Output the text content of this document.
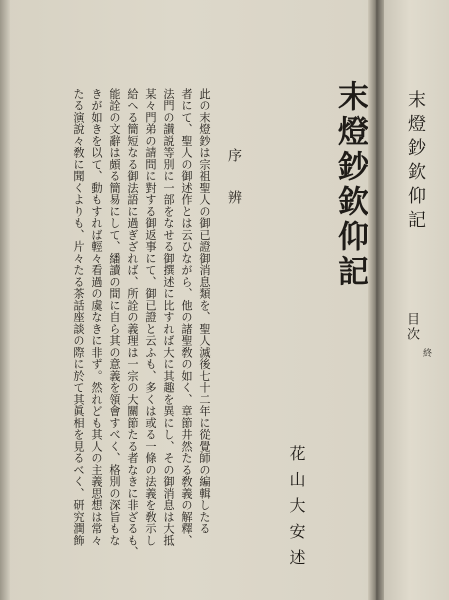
末燈鈔欽仰記
花山大安述
序辨
此の末燈鈔は宗祖聖人の御已證御消息類を、聖人滅後七十二年に從覺師の編輯したる
者にて、聖人の御述作とは云ひながら、他の諸聖敎の如く、章節井然たる敎義の解釋、
法門の讃説等別に一部をなせる御撰述に比すれば大に其趣を異にし、その御消息は大抵
某々門弟の請問に對する御返事にて、御已證と云ふも、多くは或る一條の法義を敎示し
給へる簡短なる御法語に過ぎざれば、所詮の義理は一宗の大關節たる者なきに非ざるも、
能詮の文辭は頗る簡易にして、繙讀の間に自ら其の意義を領會すべく、格別の深旨もな
きが如きを以て、動もすれば輕々看過の虞なきに非ず。然れども其人の主義思想は常々
たる演說々敎に聞くよりも、片々たる茶話座談の際に於て其眞相を見るべく、研究潤飾	末燈鈔欽仰記
目次
終
